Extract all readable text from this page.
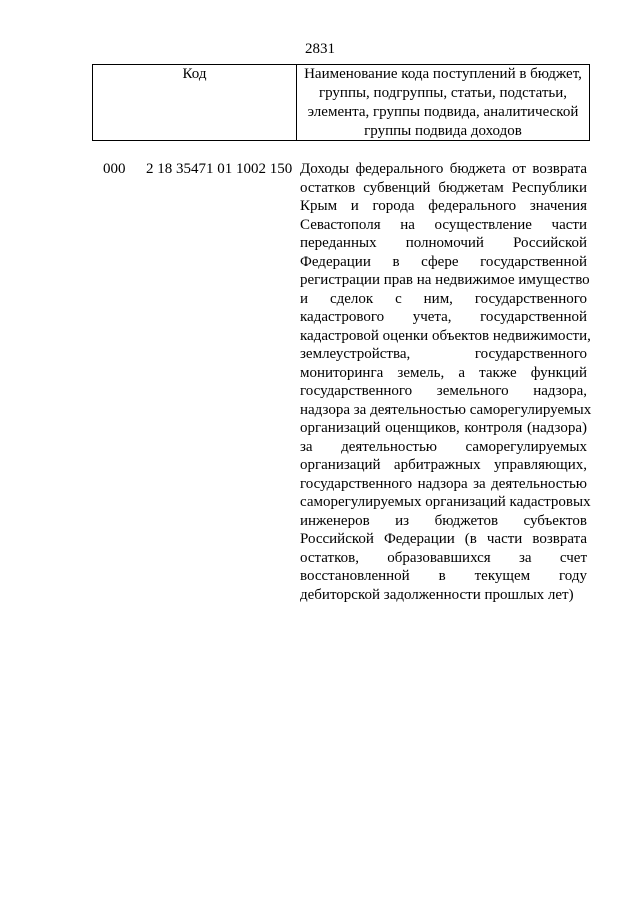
2831
Код	Наименование кода поступлений в бюджет, группы, подгруппы, статьи, подстатьи, элемента, группы подвида, аналитической группы подвида доходов
000 2 18 35471 01 1002 150 Доходы федерального бюджета от возврата
остатков субвенций бюджетам Республики
Крым и города федерального значения
Севастополя на осуществление части
переданных полномочий Российской
Федерации в сфере государственной
регистрации прав на недвижимое имущество
и сделок с ним, государственного
кадастрового учета, государственной
кадастровой оценки объектов недвижимости,
землеустройства, государственного
мониторинга земель, а также функций
государственного земельного надзора,
надзора за деятельностью саморегулируемых
организаций оценщиков, контроля (надзора)
за деятельностью саморегулируемых
организаций арбитражных управляющих,
государственного надзора за деятельностью
саморегулируемых организаций кадастровых
инженеров из бюджетов субъектов
Российской Федерации (в части возврата
остатков, образовавшихся за счет
восстановленной в текущем году
дебиторской задолженности прошлых лет)
